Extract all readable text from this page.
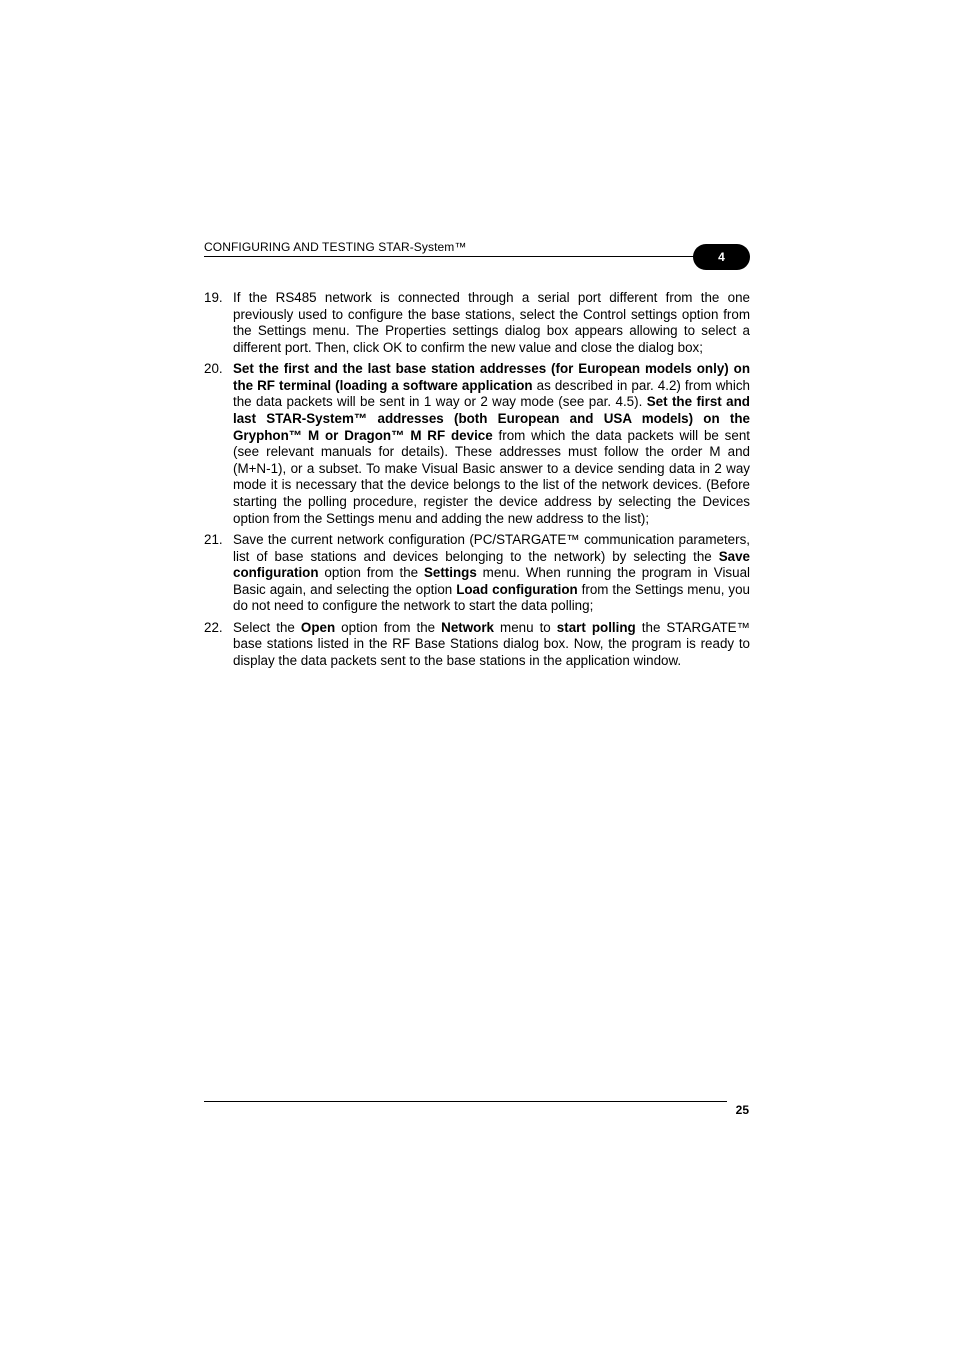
CONFIGURING AND TESTING STAR-System™
4
19. If the RS485 network is connected through a serial port different from the one previously used to configure the base stations, select the Control settings option from the Settings menu. The Properties settings dialog box appears allowing to select a different port. Then, click OK to confirm the new value and close the dialog box;
20. Set the first and the last base station addresses (for European models only) on the RF terminal (loading a software application as described in par. 4.2) from which the data packets will be sent in 1 way or 2 way mode (see par. 4.5). Set the first and last STAR-System™ addresses (both European and USA models) on the Gryphon™ M or Dragon™ M RF device from which the data packets will be sent (see relevant manuals for details). These addresses must follow the order M and (M+N-1), or a subset. To make Visual Basic answer to a device sending data in 2 way mode it is necessary that the device belongs to the list of the network devices. (Before starting the polling procedure, register the device address by selecting the Devices option from the Settings menu and adding the new address to the list);
21. Save the current network configuration (PC/STARGATE™ communication parameters, list of base stations and devices belonging to the network) by selecting the Save configuration option from the Settings menu. When running the program in Visual Basic again, and selecting the option Load configuration from the Settings menu, you do not need to configure the network to start the data polling;
22. Select the Open option from the Network menu to start polling the STARGATE™ base stations listed in the RF Base Stations dialog box. Now, the program is ready to display the data packets sent to the base stations in the application window.
25
